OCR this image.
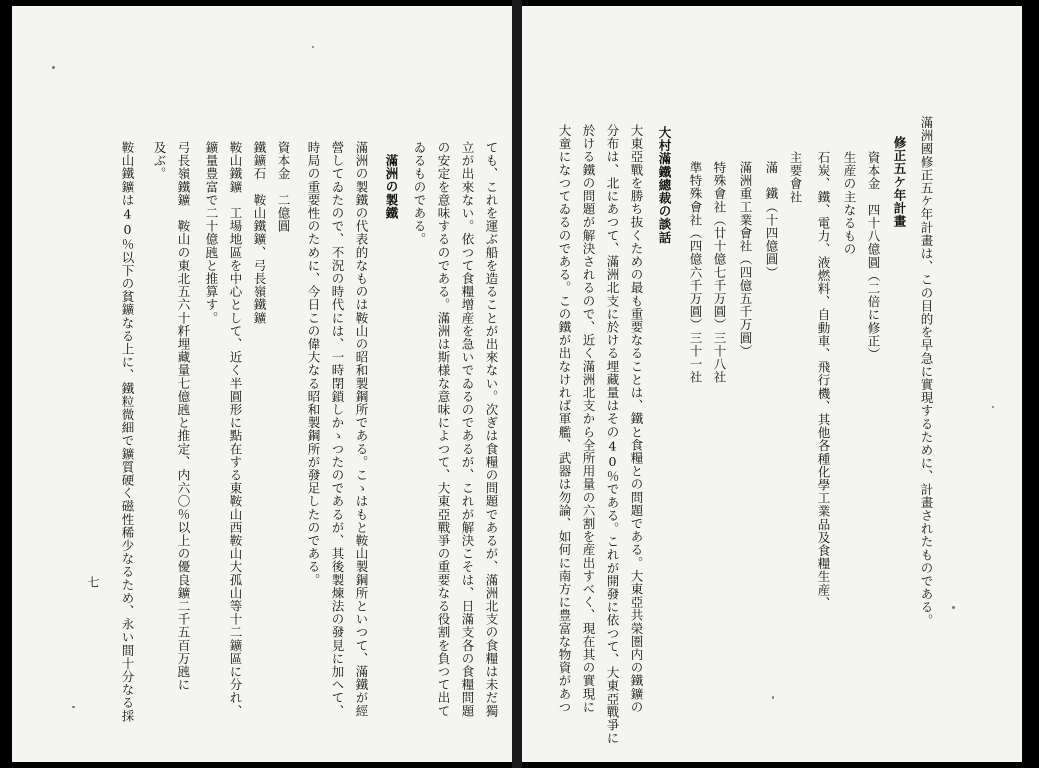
ても、これを運ぶ船を造ることが出來ない。次ぎは食糧の問題であるが、滿洲北支の食糧は未だ獨
立が出來ない。依つて食糧增産を急いでゐるのであるが、これが解決こそは、日滿支各の食糧問題
の安定を意味するのである。滿洲は斯様な意味によつて、大東亞戰爭の重要なる役割を負つて出て
ゐるものである。
滿洲の製鐵
滿洲の製鐵の代表的なものは鞍山の昭和製鋼所である。こゝはもと鞍山製鋼所といつて、滿鐵が經
營してゐたので、不況の時代には、一時閉鎖しかゝつたのであるが、其後製煉法の發見に加へて、
時局の重要性のために、今日この偉大なる昭和製鋼所が發足したのである。
資本金　二億圓
鐵鑛石　鞍山鐵鑛、弓長嶺鐵鑛
鞍山鐵鑛　工場地區を中心として、近く半圓形に點在する東鞍山西鞍山大孤山等十二鑛區に分れ、
鑛量豊富で二十億瓲と推算す。
弓長嶺鐵鑛　鞍山の東北五六十粁埋藏量七億瓲と推定、内六〇％以上の優良鑛二千五百万瓲に
及ぶ。
鞍山鐵鑛は40％以下の貧鑛なる上に、鐵粒微細で鑛質硬く磁性稀少なるため、永い間十分なる採
七	滿洲國修正五ケ年計畫は、この目的を早急に實現するために、計畫されたものである。
修正五ケ年計畫
資本金　四十八億圓（二倍に修正）
生産の主なるもの
石炭、鐵、電力、液燃料、自動車、飛行機、其他各種化學工業品及食糧生産、
主要會社
滿　鐵（十四億圓）
滿洲重工業會社（四億五千万圓）
特殊會社（廿十億七千万圓）三十八社
準特殊會社（四億六千万圓）三十一社
大村滿鐵總裁の談話
大東亞戰を勝ち抜くための最も重要なることは、鐵と食糧との問題である。大東亞共榮圏内の鐵鑛の
分布は、北にあつて、滿洲北支に於ける埋藏量はその40％である。これが開發に依つて、大東亞戰爭に
於ける鐵の問題が解決されるので、近く滿洲北支から全所用量の六割を産出すべく、現在其の實現に
大童になつてゐるのである。この鐵が出なければ軍艦、武器は勿論、如何に南方に豊富な物資があつ
